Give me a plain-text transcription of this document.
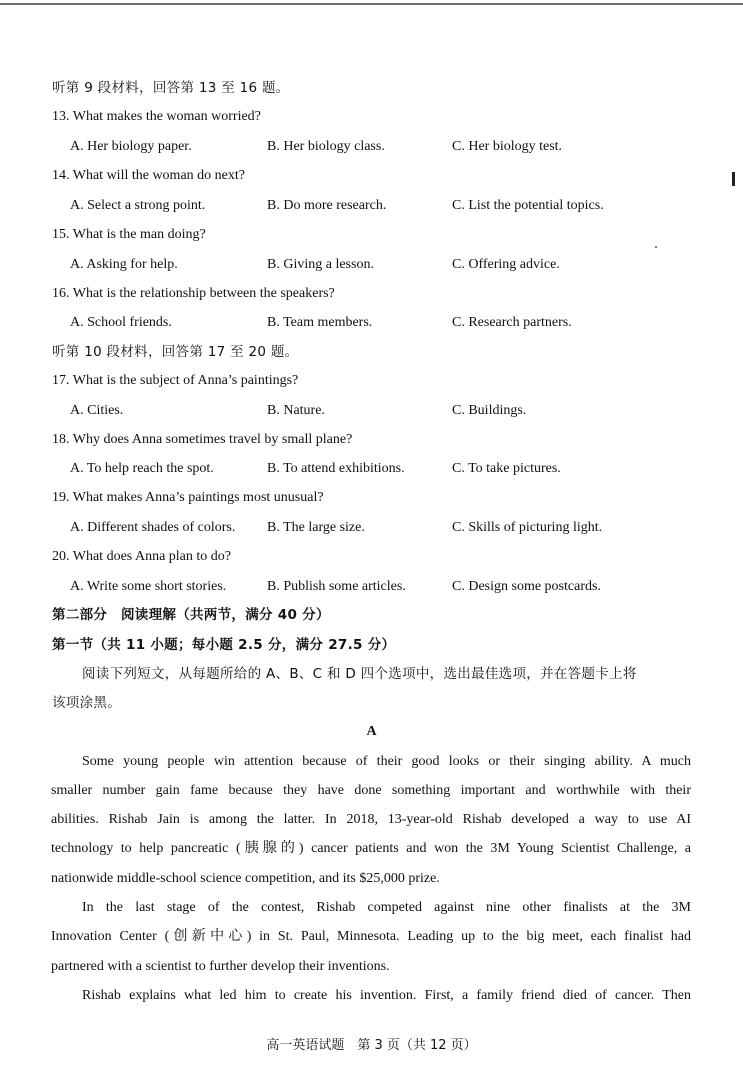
听第 9 段材料，回答第 13 至 16 题。
13. What makes the woman worried?
A. Her biology paper.	B. Her biology class.	C. Her biology test.
14. What will the woman do next?
A. Select a strong point.	B. Do more research.	C. List the potential topics.
15. What is the man doing?
A. Asking for help.	B. Giving a lesson.	C. Offering advice.
16. What is the relationship between the speakers?
A. School friends.	B. Team members.	C. Research partners.
听第 10 段材料，回答第 17 至 20 题。
17. What is the subject of Anna’s paintings?
A. Cities.	B. Nature.	C. Buildings.
18. Why does Anna sometimes travel by small plane?
A. To help reach the spot.	B. To attend exhibitions.	C. To take pictures.
19. What makes Anna’s paintings most unusual?
A. Different shades of colors. B. The large size.	C. Skills of picturing light.
20. What does Anna plan to do?
A. Write some short stories.	B. Publish some articles.	C. Design some postcards.
第二部分　阅读理解（共两节，满分 40 分）
第一节（共 11 小题；每小题 2.5 分，满分 27.5 分）
阅读下列短文，从每题所给的 A、B、C 和 D 四个选项中，选出最佳选项，并在答题卡上将
该项涂黑。
A
Some young people win attention because of their good looks or their singing ability. A much
smaller number gain fame because they have done something important and worthwhile with their
abilities. Rishab Jain is among the latter. In 2018, 13-year-old Rishab developed a way to use AI
technology to help pancreatic (胰腺的) cancer patients and won the 3M Young Scientist Challenge, a
nationwide middle-school science competition, and its $25,000 prize.
In the last stage of the contest, Rishab competed against nine other finalists at the 3M
Innovation Center (创新中心) in St. Paul, Minnesota. Leading up to the big meet, each finalist had
partnered with a scientist to further develop their inventions.
Rishab explains what led him to create his invention. First, a family friend died of cancer. Then
高一英语试题　第 3 页（共 12 页）
